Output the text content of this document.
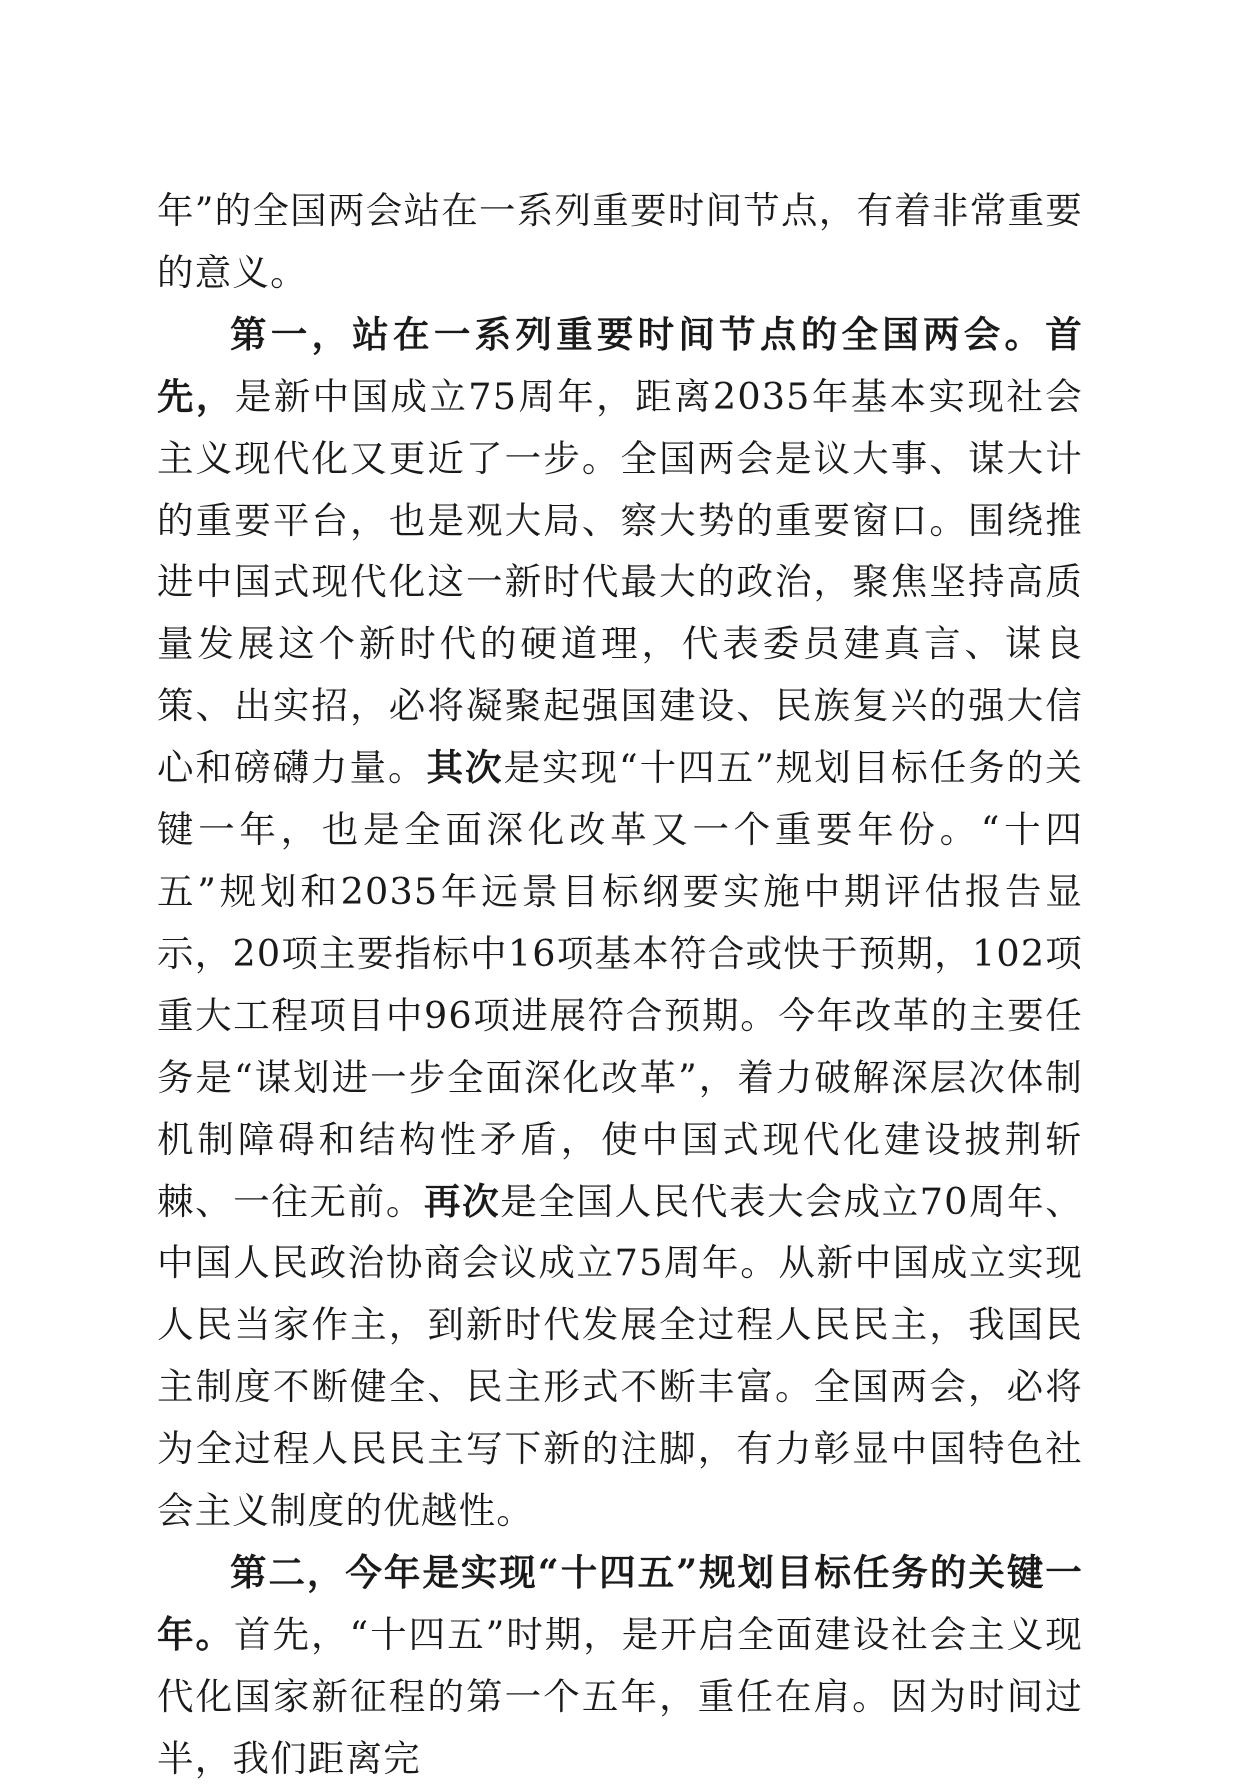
年”的全国两会站在一系列重要时间节点，有着非常重要的意义。

第一，站在一系列重要时间节点的全国两会。首先，是新中国成立75周年，距离2035年基本实现社会主义现代化又更近了一步。全国两会是议大事、谋大计的重要平台，也是观大局、察大势的重要窗口。围绕推进中国式现代化这一新时代最大的政治，聚焦坚持高质量发展这个新时代的硬道理，代表委员建真言、谋良策、出实招，必将凝聚起强国建设、民族复兴的强大信心和磅礴力量。其次是实现“十四五”规划目标任务的关键一年，也是全面深化改革又一个重要年份。“十四五”规划和2035年远景目标纲要实施中期评估报告显示，20项主要指标中16项基本符合或快于预期，102项重大工程项目中96项进展符合预期。今年改革的主要任务是“谋划进一步全面深化改革”，着力破解深层次体制机制障碍和结构性矛盾，使中国式现代化建设披荆斩棘、一往无前。再次是全国人民代表大会成立70周年、中国人民政治协商会议成立75周年。从新中国成立实现人民当家作主，到新时代发展全过程人民民主，我国民主制度不断健全、民主形式不断丰富。全国两会，必将为全过程人民民主写下新的注脚，有力彰显中国特色社会主义制度的优越性。

第二，今年是实现“十四五”规划目标任务的关键一年。首先，“十四五”时期，是开启全面建设社会主义现代化国家新征程的第一个五年，重任在肩。因为时间过半，我们距离完
